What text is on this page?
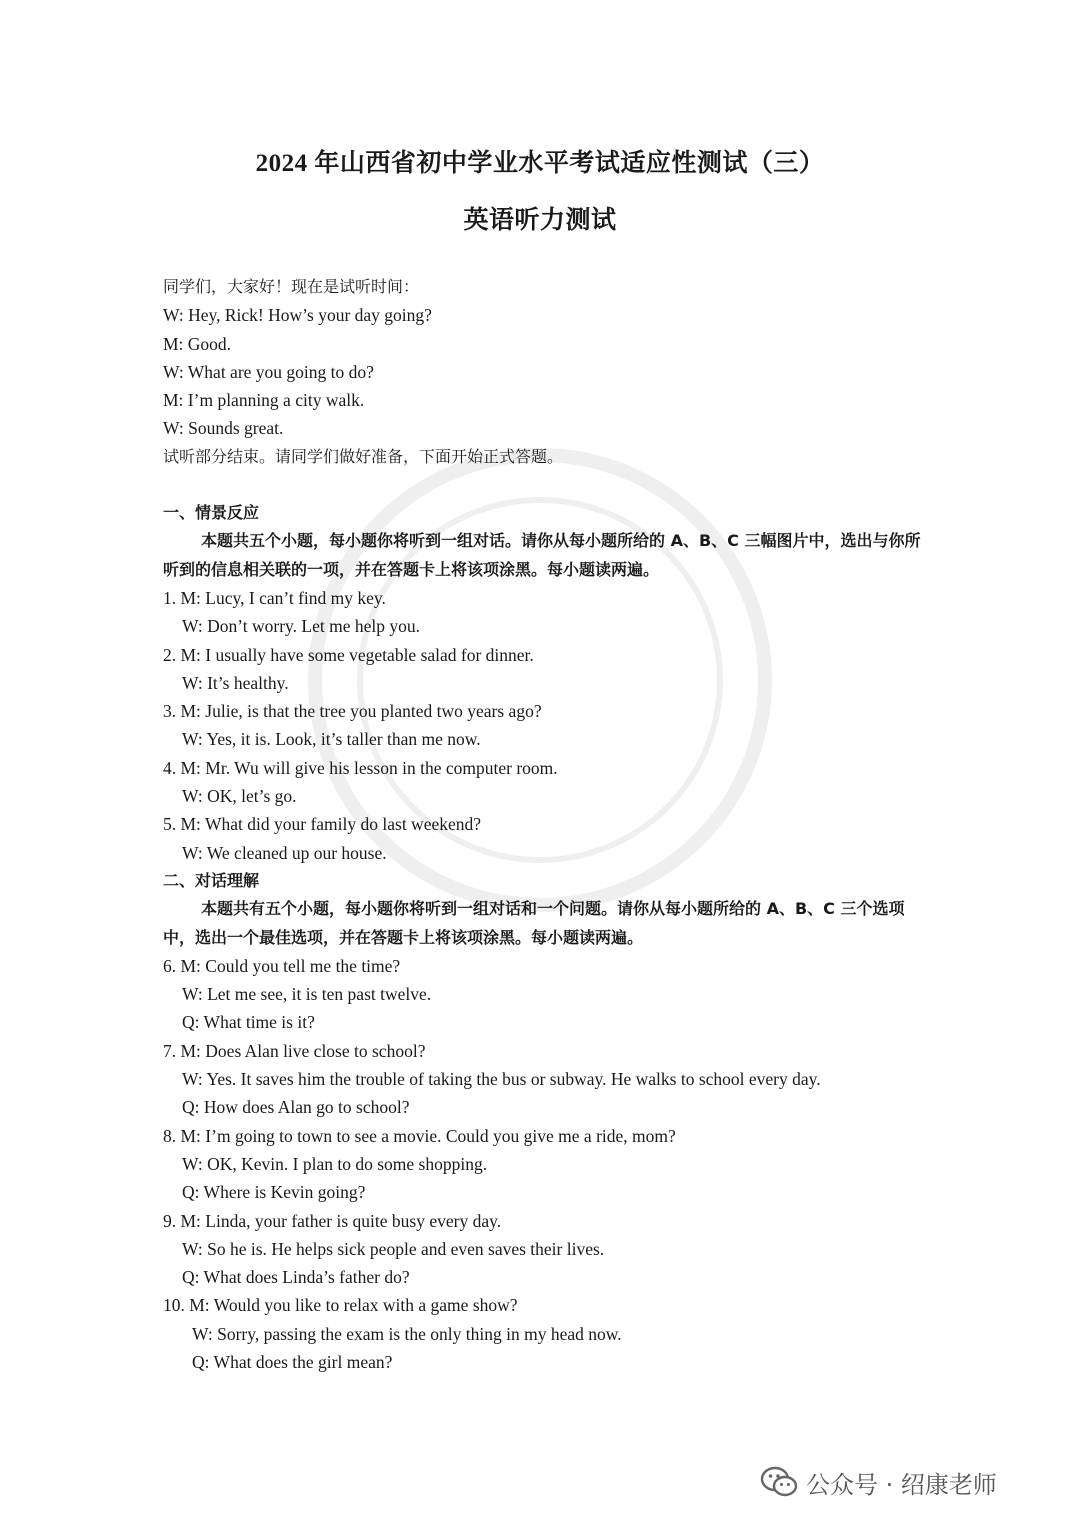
2024 年山西省初中学业水平考试适应性测试（三）
英语听力测试
同学们，大家好！现在是试听时间：
W: Hey, Rick! How’s your day going?
M: Good.
W: What are you going to do?
M: I’m planning a city walk.
W: Sounds great.
试听部分结束。请同学们做好准备，下面开始正式答题。
一、情景反应
本题共五个小题，每小题你将听到一组对话。请你从每小题所给的 A、B、C 三幅图片中，选出与你所听到的信息相关联的一项，并在答题卡上将该项涂黑。每小题读两遍。
1. M: Lucy, I can’t find my key.
W: Don’t worry. Let me help you.
2. M: I usually have some vegetable salad for dinner.
W: It’s healthy.
3. M: Julie, is that the tree you planted two years ago?
W: Yes, it is. Look, it’s taller than me now.
4. M: Mr. Wu will give his lesson in the computer room.
W: OK, let’s go.
5. M: What did your family do last weekend?
W: We cleaned up our house.
二、对话理解
本题共有五个小题，每小题你将听到一组对话和一个问题。请你从每小题所给的 A、B、C 三个选项中，选出一个最佳选项，并在答题卡上将该项涂黑。每小题读两遍。
6. M: Could you tell me the time?
W: Let me see, it is ten past twelve.
Q: What time is it?
7. M: Does Alan live close to school?
W: Yes. It saves him the trouble of taking the bus or subway. He walks to school every day.
Q: How does Alan go to school?
8. M: I’m going to town to see a movie. Could you give me a ride, mom?
W: OK, Kevin. I plan to do some shopping.
Q: Where is Kevin going?
9. M: Linda, your father is quite busy every day.
W: So he is. He helps sick people and even saves their lives.
Q: What does Linda’s father do?
10. M: Would you like to relax with a game show?
W: Sorry, passing the exam is the only thing in my head now.
Q: What does the girl mean?
公众号 · 绍康老师
